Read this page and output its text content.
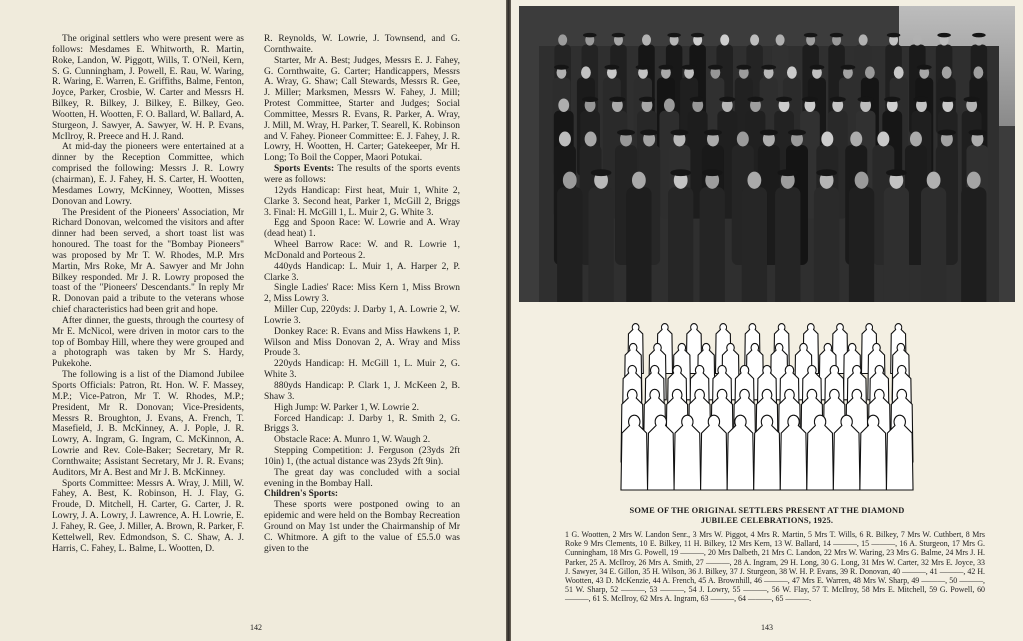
The original settlers who were present were as follows: Mesdames E. Whitworth, R. Martin, Roke, Landon, W. Piggott, Wills, T. O'Neil, Kern, S. G. Cunningham, J. Powell, E. Rau, W. Waring, R. Waring, E. Warren, E. Griffiths, Balme, Fenton, Joyce, Parker, Crosbie, W. Carter and Messrs H. Bilkey, R. Bilkey, J. Bilkey, E. Bilkey, Geo. Wootten, H. Wootten, F. O. Ballard, W. Ballard, A. Sturgeon, J. Sawyer, A. Sawyer, W. H. P. Evans, McIlroy, R. Preece and H. J. Rand.

At mid-day the pioneers were entertained at a dinner by the Reception Committee, which comprised the following: Messrs J. R. Lowry (chairman), E. J. Fahey, H. S. Carter, H. Wootten, Mesdames Lowry, McKinney, Wootten, Misses Donovan and Lowry.

The President of the Pioneers' Association, Mr Richard Donovan, welcomed the visitors and after dinner had been served, a short toast list was honoured. The toast for the "Bombay Pioneers" was proposed by Mr T. W. Rhodes, M.P. Mrs Martin, Mrs Roke, Mr A. Sawyer and Mr John Bilkey responded. Mr J. R. Lowry proposed the toast of the "Pioneers' Descendants." In reply Mr R. Donovan paid a tribute to the veterans whose chief characteristics had been grit and hope.

After dinner, the guests, through the courtesy of Mr E. McNicol, were driven in motor cars to the top of Bombay Hill, where they were grouped and a photograph was taken by Mr S. Hardy, Pukekohe.

The following is a list of the Diamond Jubilee Sports Officials: Patron, Rt. Hon. W. F. Massey, M.P.; Vice-Patron, Mr T. W. Rhodes, M.P.; President, Mr R. Donovan; Vice-Presidents, Messrs R. Broughton, J. Evans, A. French, T. Masefield, J. B. McKinney, A. J. Pople, J. R. Lowry, A. Ingram, G. Ingram, C. McKinnon, A. Lowrie and Rev. Cole-Baker; Secretary, Mr R. Cornthwaite; Assistant Secretary, Mr J. R. Evans; Auditors, Mr A. Best and Mr J. B. McKinney.

Sports Committee: Messrs A. Wray, J. Mill, W. Fahey, A. Best, K. Robinson, H. J. Flay, G. Froude, D. Mitchell, H. Carter, G. Carter, J. R. Lowry, J. A. Lowry, J. Lawrence, A. H. Lowrie, E. J. Fahey, R. Gee, J. Miller, A. Brown, R. Parker, F. Kettelwell, Rev. Edmondson, S. C. Shaw, A. J. Harris, C. Fahey, L. Balme, L. Wootten, D.

R. Reynolds, W. Lowrie, J. Townsend, and G. Cornthwaite.

Starter, Mr A. Best; Judges, Messrs E. J. Fahey, G. Cornthwaite, G. Carter; Handicappers, Messrs A. Wray, G. Shaw; Call Stewards, Messrs R. Gee, J. Miller; Marksmen, Messrs W. Fahey, J. Mill; Protest Committee, Starter and Judges; Social Committee, Messrs R. Evans, R. Parker, A. Wray, J. Mill, M. Wray, H. Parker, T. Searell, K. Robinson and V. Fahey. Pioneer Committee: E. J. Fahey, J. R. Lowry, H. Wootten, H. Carter; Gatekeeper, Mr H. Long; To Boil the Copper, Maori Potukai.

Sports Events: The results of the sports events were as follows:

12yds Handicap: First heat, Muir 1, White 2, Clarke 3. Second heat, Parker 1, McGill 2, Briggs 3. Final: H. McGill 1, L. Muir 2, G. White 3.

Egg and Spoon Race: W. Lowrie and A. Wray (dead heat) 1.

Wheel Barrow Race: W. and R. Lowrie 1, McDonald and Porteous 2.

440yds Handicap: L. Muir 1, A. Harper 2, P. Clarke 3.

Single Ladies' Race: Miss Kern 1, Miss Brown 2, Miss Lowry 3.

Miller Cup, 220yds: J. Darby 1, A. Lowrie 2, W. Lowrie 3.

Donkey Race: R. Evans and Miss Hawkens 1, P. Wilson and Miss Donovan 2, A. Wray and Miss Proude 3.

220yds Handicap: H. McGill 1, L. Muir 2, G. White 3.

880yds Handicap: P. Clark 1, J. McKeen 2, B. Shaw 3.

High Jump: W. Parker 1, W. Lowrie 2.

Forced Handicap: J. Darby 1, R. Smith 2, G. Briggs 3.

Obstacle Race: A. Munro 1, W. Waugh 2.

Stepping Competition: J. Ferguson (23yds 2ft 10in) 1, (the actual distance was 23yds 2ft 9in).

The great day was concluded with a social evening in the Bombay Hall.

Children's Sports:

These sports were postponed owing to an epidemic and were held on the Bombay Recreation Ground on May 1st under the Chairmanship of Mr C. Whitmore. A gift to the value of £5.5.0 was given to the

142
SOME OF THE ORIGINAL SETTLERS PRESENT AT THE DIAMOND
JUBILEE CELEBRATIONS, 1925.
1 G. Wootten, 2 Mrs W. Landon Senr., 3 Mrs W. Piggot, 4 Mrs R. Martin, 5 Mrs T. Wills, 6 R. Bilkey, 7 Mrs W. Cuthbert, 8 Mrs Roke 9 Mrs Clements, 10 E. Bilkey, 11 H. Bilkey, 12 Mrs Kern, 13 W. Ballard, 14 ———, 15 ———, 16 A. Sturgeon, 17 Mrs G. Cunningham, 18 Mrs G. Powell, 19 ———, 20 Mrs Dalbeth, 21 Mrs C. Landon, 22 Mrs W. Waring, 23 Mrs G. Balme, 24 Mrs J. H. Parker, 25 A. McIlroy, 26 Mrs A. Smith, 27 ———, 28 A. Ingram, 29 H. Long, 30 G. Long, 31 Mrs W. Carter, 32 Mrs E. Joyce, 33 J. Sawyer, 34 E. Gillon, 35 H. Wilson, 36 J. Bilkey, 37 J. Sturgeon, 38 W. H. P. Evans, 39 R. Donovan, 40 ———, 41 ———, 42 H. Wootten, 43 D. McKenzie, 44 A. French, 45 A. Brownhill, 46 ———, 47 Mrs E. Warren, 48 Mrs W. Sharp, 49 ———, 50 ———, 51 W. Sharp, 52 ———, 53 ———, 54 J. Lowry, 55 ———, 56 W. Flay, 57 T. McIlroy, 58 Mrs E. Mitchell, 59 G. Powell, 60 ———, 61 S. McIlroy, 62 Mrs A. Ingram, 63 ———, 64 ———, 65 ———.
143
